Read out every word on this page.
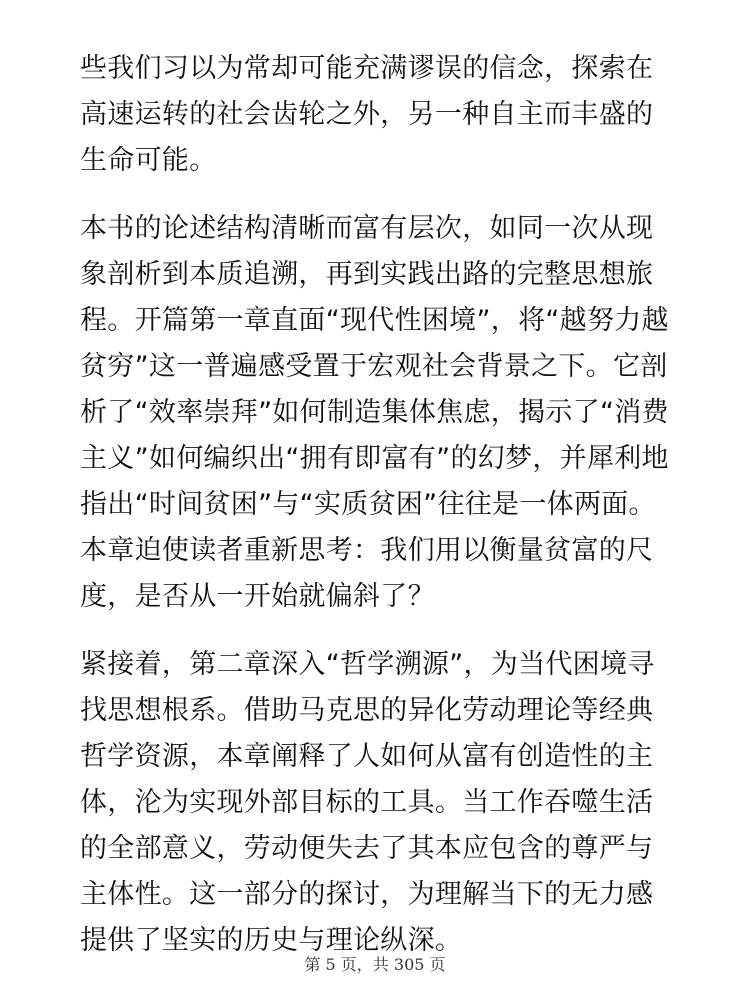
些我们习以为常却可能充满谬误的信念，探索在高速运转的社会齿轮之外，另一种自主而丰盛的生命可能。

本书的论述结构清晰而富有层次，如同一次从现象剖析到本质追溯，再到实践出路的完整思想旅程。开篇第一章直面“现代性困境”，将“越努力越贫穷”这一普遍感受置于宏观社会背景之下。它剖析了“效率崇拜”如何制造集体焦虑，揭示了“消费主义”如何编织出“拥有即富有”的幻梦，并犀利地指出“时间贫困”与“实质贫困”往往是一体两面。本章迫使读者重新思考：我们用以衡量贫富的尺度，是否从一开始就偏斜了？

紧接着，第二章深入“哲学溯源”，为当代困境寻找思想根系。借助马克思的异化劳动理论等经典哲学资源，本章阐释了人如何从富有创造性的主体，沦为实现外部目标的工具。当工作吞噬生活的全部意义，劳动便失去了其本应包含的尊严与主体性。这一部分的探讨，为理解当下的无力感提供了坚实的历史与理论纵深。

第 5 页，共 305 页
